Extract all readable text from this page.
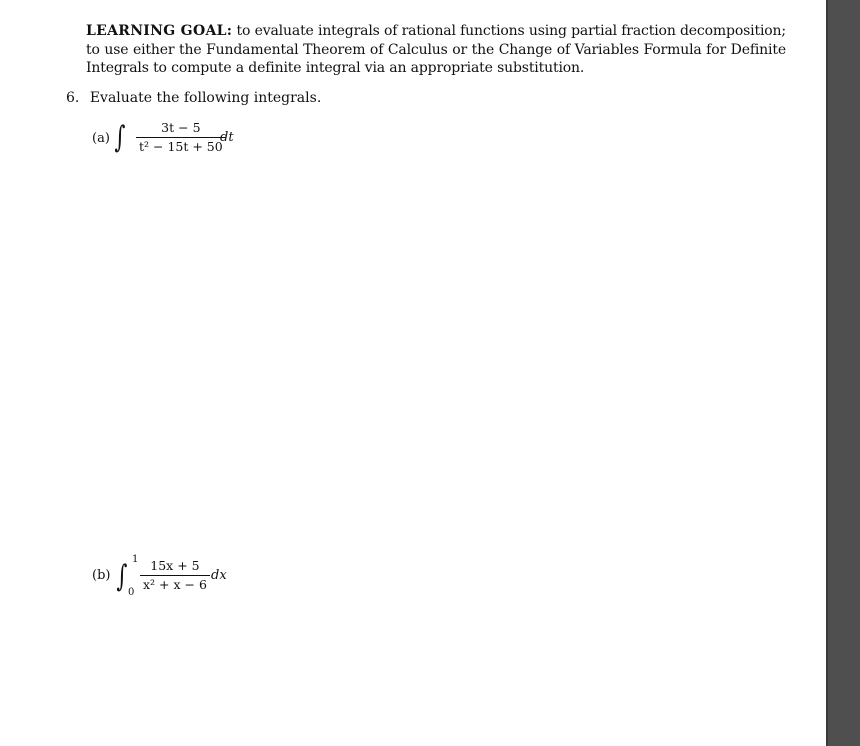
LEARNING GOAL: to evaluate integrals of rational functions using partial fraction decomposition; to use either the Fundamental Theorem of Calculus or the Change of Variables Formula for Definite Integrals to compute a definite integral via an appropriate substitution.
6. Evaluate the following integrals.
(a) ∫	3t − 5
t² − 15t + 50
dt
(b) ∫ 1
0
15x + 5
x² + x − 6
dx
